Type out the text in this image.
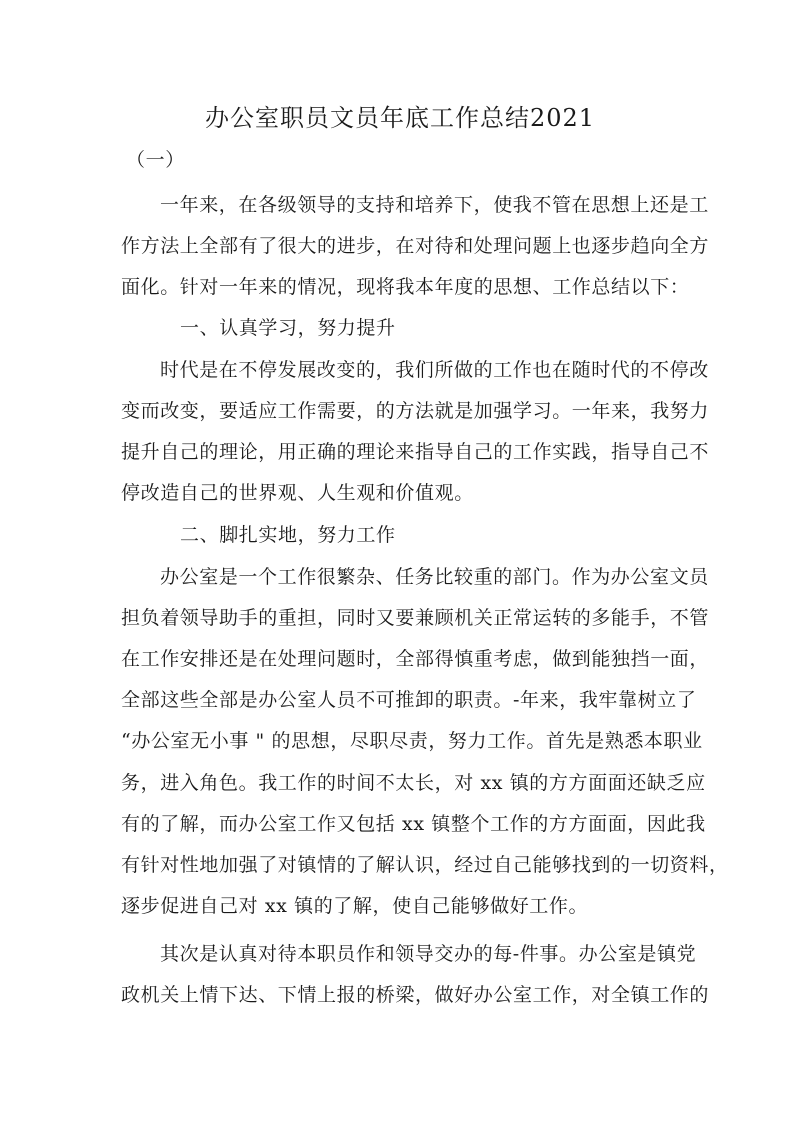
办公室职员文员年底工作总结2021
（一）
一年来，在各级领导的支持和培养下，使我不管在思想上还是工
作方法上全部有了很大的进步，在对待和处理问题上也逐步趋向全方
面化。针对一年来的情况，现将我本年度的思想、工作总结以下：
一、认真学习，努力提升
时代是在不停发展改变的，我们所做的工作也在随时代的不停改
变而改变，要适应工作需要，的方法就是加强学习。一年来，我努力
提升自己的理论，用正确的理论来指导自己的工作实践，指导自己不
停改造自己的世界观、人生观和价值观。
二、脚扎实地，努力工作
办公室是一个工作很繁杂、任务比较重的部门。作为办公室文员
担负着领导助手的重担，同时又要兼顾机关正常运转的多能手，不管
在工作安排还是在处理问题时，全部得慎重考虑，做到能独挡一面，
全部这些全部是办公室人员不可推卸的职责。-年来，我牢靠树立了
“办公室无小事 " 的思想，尽职尽责，努力工作。首先是熟悉本职业
务，进入角色。我工作的时间不太长，对 xx 镇的方方面面还缺乏应
有的了解，而办公室工作又包括 xx 镇整个工作的方方面面，因此我
有针对性地加强了对镇情的了解认识，经过自己能够找到的一切资料，
逐步促进自己对 xx 镇的了解，使自己能够做好工作。
其次是认真对待本职员作和领导交办的每-件事。办公室是镇党
政机关上情下达、下情上报的桥梁，做好办公室工作，对全镇工作的
